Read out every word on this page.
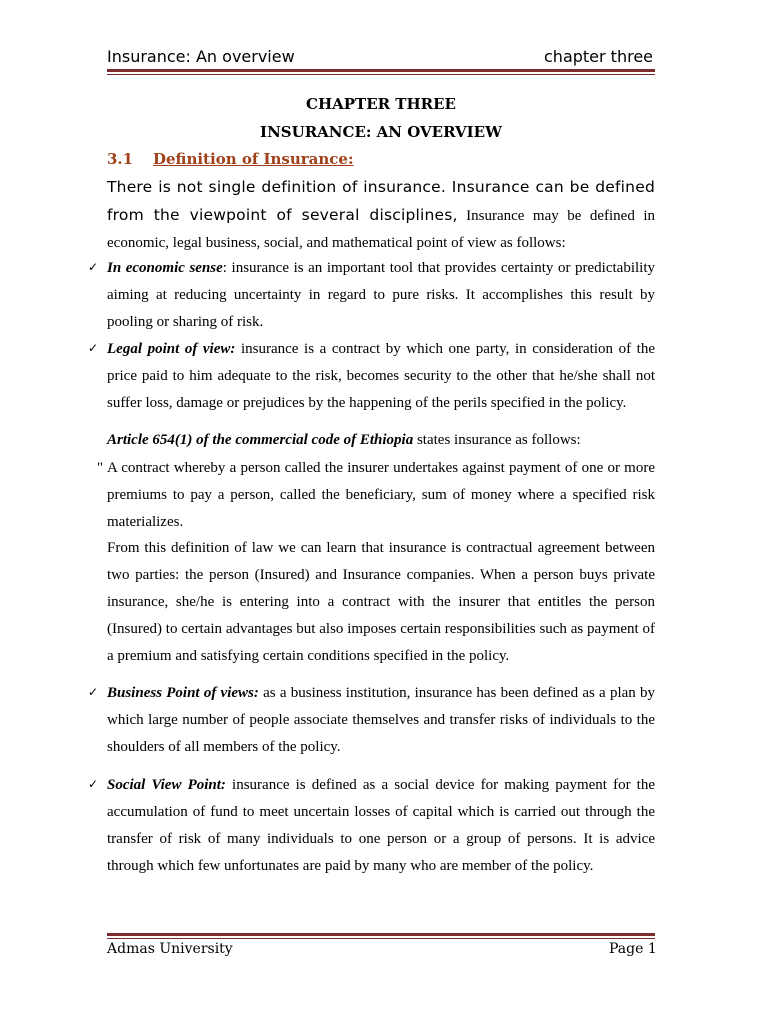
Insurance: An overview	chapter three
CHAPTER THREE
INSURANCE: AN OVERVIEW
3.1 Definition of Insurance:
There is not single definition of insurance. Insurance can be defined from the viewpoint of several disciplines, Insurance may be defined in economic, legal business, social, and mathematical point of view as follows:
✓ In economic sense: insurance is an important tool that provides certainty or predictability aiming at reducing uncertainty in regard to pure risks. It accomplishes this result by pooling or sharing of risk.
✓ Legal point of view: insurance is a contract by which one party, in consideration of the price paid to him adequate to the risk, becomes security to the other that he/she shall not suffer loss, damage or prejudices by the happening of the perils specified in the policy.
Article 654(1) of the commercial code of Ethiopia states insurance as follows:
" A contract whereby a person called the insurer undertakes against payment of one or more premiums to pay a person, called the beneficiary, sum of money where a specified risk materializes.
From this definition of law we can learn that insurance is contractual agreement between two parties: the person (Insured) and Insurance companies. When a person buys private insurance, she/he is entering into a contract with the insurer that entitles the person (Insured) to certain advantages but also imposes certain responsibilities such as payment of a premium and satisfying certain conditions specified in the policy.
✓ Business Point of views: as a business institution, insurance has been defined as a plan by which large number of people associate themselves and transfer risks of individuals to the shoulders of all members of the policy.
✓ Social View Point: insurance is defined as a social device for making payment for the accumulation of fund to meet uncertain losses of capital which is carried out through the transfer of risk of many individuals to one person or a group of persons. It is advice through which few unfortunates are paid by many who are member of the policy.
Admas University	Page 1
